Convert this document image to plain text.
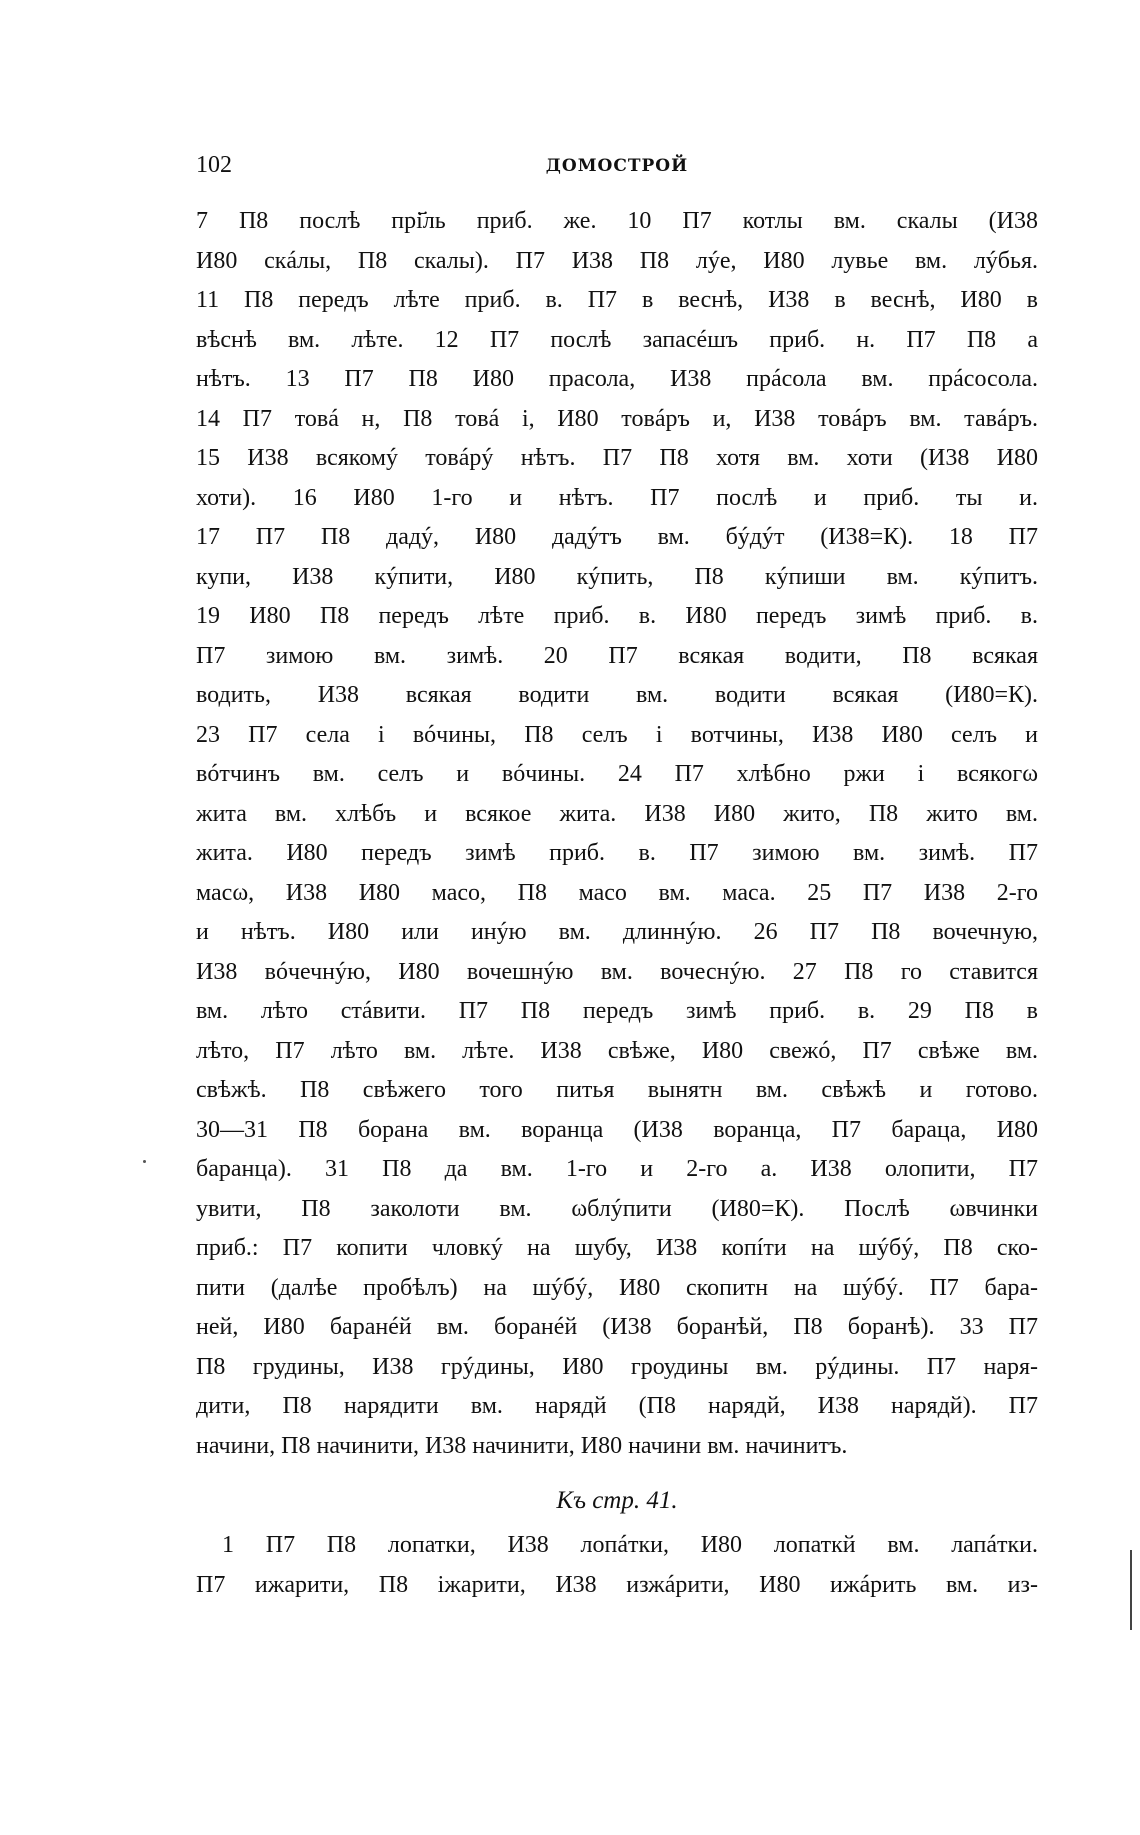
102	ДОМОСТРОЙ
7 П8 послѣ прі҃ль приб. же. 10 П7 котлы вм. скалы (И38
И80 скáлы, П8 скалы). П7 И38 П8 лýе, И80 лувье вм. лýбья.
11 П8 передъ лѣте приб. в. П7 в веснѣ, И38 в веснѣ, И80 в
вѣснѣ вм. лѣте. 12 П7 послѣ запасéшъ приб. н. П7 П8 а
нѣтъ. 13 П7 П8 И80 прасола, И38 прáсола вм. прáсосола.
14 П7 товá н, П8 товá і, И80 товáръ и, И38 товáръ вм. тавáръ.
15 И38 всякомý товáрý нѣтъ. П7 П8 хотя вм. хоти (И38 И80
хоти). 16 И80 1-го и нѣтъ. П7 послѣ и приб. ты и.
17 П7 П8 дадý, И80 дадýтъ вм. бýдýт (И38=К). 18 П7
купи, И38 кýпити, И80 кýпить, П8 кýпиши вм. кýпитъ.
19 И80 П8 передъ лѣте приб. в. И80 передъ зимѣ приб. в.
П7 зимою вм. зимѣ. 20 П7 всякая водити, П8 всякая
водить, И38 всякая водити вм. водити всякая (И80=К).
23 П7 села і вóчины, П8 селъ і вотчины, И38 И80 селъ и
вóтчинъ вм. селъ и вóчины. 24 П7 хлѣбно ржи і всякогω
жита вм. хлѣбъ и всякое жита. И38 И80 жито, П8 жито вм.
жита. И80 передъ зимѣ приб. в. П7 зимою вм. зимѣ. П7
масω, И38 И80 масо, П8 масо вм. маса. 25 П7 И38 2-го
и нѣтъ. И80 или инýю вм. длиннýю. 26 П7 П8 вочечную,
И38 вóчечнýю, И80 вочешнýю вм. вочеснýю. 27 П8 го ставится
вм. лѣто стáвити. П7 П8 передъ зимѣ приб. в. 29 П8 в
лѣто, П7 лѣто вм. лѣте. И38 свѣже, И80 свежó, П7 свѣже вм.
свѣжѣ. П8 свѣжего того питья вынятн вм. свѣжѣ и готово.
30—31 П8 борана вм. воранца (И38 воранца, П7 бараца, И80
баранца). 31 П8 да вм. 1-го и 2-го а. И38 олопити, П7
увити, П8 заколоти вм. ωблýпити (И80=К). Послѣ ωвчинки
приб.: П7 копити чловкý на шубу, И38 копíти на шýбý, П8 ско-
пити (далѣе пробѣлъ) на шýбý, И80 скопитн на шýбý. П7 бара-
ней, И80 баранéй вм. боранéй (И38 боранѣй, П8 боранѣ). 33 П7
П8 грудины, И38 грýдины, И80 гроудины вм. рýдины. П7 наря-
дити, П8 нарядити вм. нарядй (П8 нарядй, И38 нарядй). П7
начини, П8 начинити, И38 начинити, И80 начини вм. начинитъ.
Къ стр. 41.
1 П7 П8 лопатки, И38 лопáтки, И80 лопаткй вм. лапáтки.
П7 ижарити, П8 іжарити, И38 изжáрити, И80 ижáрить вм. из-
